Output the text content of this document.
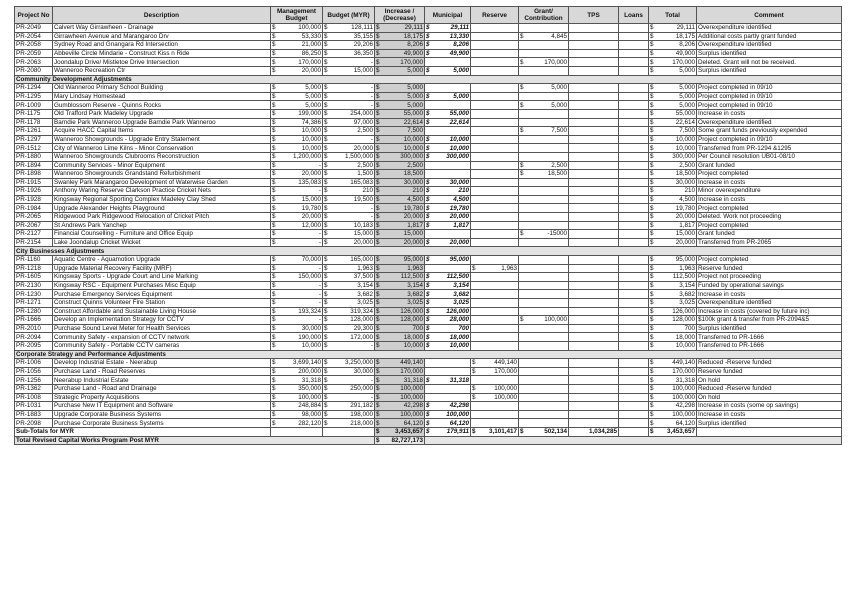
Project No	Description	Management Budget	Budget (MYR)	Increase / (Decrease)	Municipal	Reserve	Grant/ Contribution	TPS	Loans	Total	Comment
PR-2049	Calvert Way Girrawheen - Drainage	$ 100,000	$ 128,111	$ 29,111	$ 29,111					$ 29,111	Overexpenditure identified
PR-2054	Girrawheen Avenue and Marangaroo Drv	$ 53,330	$ 35,155	$ 18,175	$ 13,330		$ 4,845			$ 18,175	Additional costs partly grant funded
PR-2058	Sydney Road and Gnangara Rd Intersection	$ 21,000	$ 29,206	$ 8,206	$ 8,206					$ 8,206	Overexpenditure identified
PR-2059	Abbeville Circle Mindarie - Construct Kiss n Ride	$ 86,250	$ 36,350	$ 49,900	$ 49,900					$ 49,900	Surplus identified
PR-2063	Joondalup Drive/ Mistletoe Drive Intersection	$ 170,000	$ -	$ 170,000			$ 170,000			$ 170,000	Deleted. Grant will not be received.
PR-2080	Wanneroo Recreation Ctr	$ 20,000	$ 15,000	$ 5,000	$ 5,000					$ 5,000	Surplus identified
Community Development Adjustments											
PR-1294	Old Wanneroo Primary School Building	$ 5,000	$ -	$ 5,000			$ 5,000			$ 5,000	Project completed in 09/10
PR-1295	Mary Lindsay Homestead	$ 5,000	$ -	$ 5,000	$ 5,000					$ 5,000	Project completed in 09/10
PR-1009	Gumblossom Reserve - Quinns Rocks	$ 5,000	$ -	$ 5,000			$ 5,000			$ 5,000	Project completed in 09/10
PR-1175	Old Trafford Park Madeley Upgrade	$ 199,000	$ 254,000	$ 55,000	$ 55,000					$ 55,000	Increase in costs
PR-1178	Barndie Park Wanneroo Upgrade Barndie Park Wanneroo	$ 74,386	$ 97,000	$ 22,614	$ 22,614					$ 22,614	Overexpenditure identified
PR-1261	Acquire HACC Capital Items	$ 10,000	$ 2,500	$ 7,500			$ 7,500			$ 7,500	Some grant funds previously expended
PR-1297	Wanneroo Showgrounds - Upgrade Entry Statement	$ 10,000	$ -	$ 10,000	$ 10,000					$ 10,000	Project completed in 09/10
PR-1512	City of Wanneroo Lime Kilns - Minor Conservation	$ 10,000	$ 20,000	$ 10,000	$ 10,000					$ 10,000	Transferred from PR-1294 &1295
PR-1880	Wanneroo Showgrounds Clubrooms Reconstruction	$ 1,200,000	$ 1,500,000	$ 300,000	$ 300,000					$ 300,000	Per Council resolution UB01-08/10
PR-1894	Community Services - Minor Equipment	$ -	$ 2,500	$ 2,500			$ 2,500			$ 2,500	Grant funded
PR-1898	Wanneroo Showgrounds Grandstand Refurbishment	$ 20,000	$ 1,500	$ 18,500			$ 18,500			$ 18,500	Project completed
PR-1915	Swanley Park Marangaroo Development of Waterwise Garden	$ 135,083	$ 165,083	$ 30,000	$ 30,000					$ 30,000	Increase in costs
PR-1926	Anthony Waring Reserve Clarkson Practice Cricket Nets	$ -	$ 210	$ 210	$ 210					$ 210	Minor overexpenditure
PR-1928	Kingsway Regional Sporting Complex Madeley Clay Shed	$ 15,000	$ 19,500	$ 4,500	$ 4,500					$ 4,500	Increase in costs
PR-1984	Upgrade Alexander Heights Playground	$ 19,780	$ -	$ 19,780	$ 19,780					$ 19,780	Project completed
PR-2065	Ridgewood Park Ridgewood Relocation of Cricket Pitch	$ 20,000	$ -	$ 20,000	$ 20,000					$ 20,000	Deleted. Work not proceeding
PR-2067	St Andrews Park Yanchep	$ 12,000	$ 10,183	$ 1,817	$ 1,817					$ 1,817	Project completed
PR-2127	Financial Counselling - Furniture and Office Equip	$ -	$ 15,000	$ 15,000			$ -15000			$ 15,000	Grant funded
PR-2154	Lake Joondalup Cricket Wicket	$ -	$ 20,000	$ 20,000	$ 20,000					$ 20,000	Transferred from PR-2065
City Businesses Adjustments											
PR-1160	Aquatic Centre - Aquamotion Upgrade	$ 70,000	$ 165,000	$ 95,000	$ 95,000					$ 95,000	Project completed
PR-1218	Upgrade Material Recovery Facility (MRF)	$ -	$ 1,963	$ 1,963		$ 1,963				$ 1,963	Reserve funded
PR-1605	Kingsway Sports - Upgrade Court and Line Marking	$ 150,000	$ 37,500	$ 112,500	$ 112,500					$ 112,500	Project not proceeding
PR-2130	Kingsway RSC - Equipment Purchases Misc Equip	$ -	$ 3,154	$ 3,154	$ 3,154					$ 3,154	Funded by operational savings
PR-1230	Purchase Emergency Services Equipment	$ -	$ 3,682	$ 3,682	$ 3,682					$ 3,682	Increase in costs
PR-1271	Construct Quinns Volunteer Fire Station	$ -	$ 3,025	$ 3,025	$ 3,025					$ 3,025	Overexpenditure identified
PR-1280	Construct Affordable and Sustainable Living House	$ 193,324	$ 319,324	$ 126,000	$ 126,000					$ 126,000	Increase in costs (covered by future inc)
PR-1666	Develop an Implementation Strategy for CCTV	$ -	$ 128,000	$ 128,000	$ 28,000		$ 100,000			$ 128,000	$100k grant & transfer from PR-2094&5
PR-2010	Purchase Sound Level Meter for Health Services	$ 30,000	$ 29,300	$ 700	$ 700					$ 700	Surplus identified
PR-2094	Community Safety - expansion of CCTV network	$ 190,000	$ 172,000	$ 18,000	$ 18,000					$ 18,000	Transferred to PR-1666
PR-2095	Community Safety - Portable CCTV cameras	$ 10,000	$ -	$ 10,000	$ 10,000					$ 10,000	Transferred to PR-1666
Corporate Strategy and Performance Adjustments											
PR-1006	Develop Industrial Estate - Neerabup	$ 3,699,140	$ 3,250,000	$ 449,140		$ 449,140				$ 449,140	Reduced -Reserve funded
PR-1056	Purchase Land - Road Reserves	$ 200,000	$ 30,000	$ 170,000		$ 170,000				$ 170,000	Reserve funded
PR-1256	Neerabup Industrial Estate	$ 31,318	$ -	$ 31,318	$ 31,318					$ 31,318	On hold
PR-1362	Purchase Land - Road and Drainage	$ 350,000	$ 250,000	$ 100,000		$ 100,000				$ 100,000	Reduced -Reserve funded
PR-1008	Strategic Property Acquisitions	$ 100,000	$ -	$ 100,000		$ 100,000				$ 100,000	On hold
PR-1031	Purchase New IT Equipment and Software	$ 248,884	$ 291,182	$ 42,298	$ 42,298					$ 42,298	Increase in costs (some op savings)
PR-1883	Upgrade Corporate Business Systems	$ 98,000	$ 198,000	$ 100,000	$ 100,000					$ 100,000	Increase in costs
PR-2098	Purchase Corporate Business Systems	$ 282,120	$ 218,000	$ 64,120	$ 64,120					$ 64,120	Surplus identified
Sub-Totals for MYR				$ 3,453,657	$ 179,911	$ 3,101,417	$ 502,134	1,034,285		$ 3,453,657	

Total Revised Capital Works Program Post MYR				$ 82,727,173							
